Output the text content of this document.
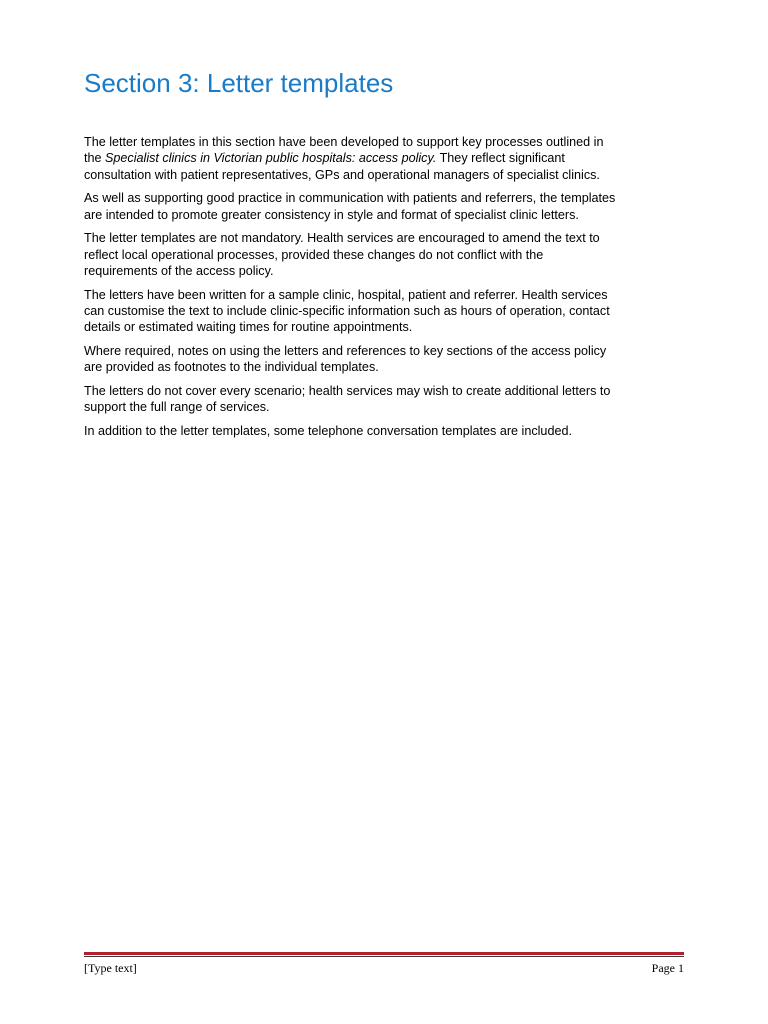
Section 3: Letter templates

The letter templates in this section have been developed to support key processes outlined in
the Specialist clinics in Victorian public hospitals: access policy. They reflect significant
consultation with patient representatives, GPs and operational managers of specialist clinics.

As well as supporting good practice in communication with patients and referrers, the templates
are intended to promote greater consistency in style and format of specialist clinic letters.

The letter templates are not mandatory. Health services are encouraged to amend the text to
reflect local operational processes, provided these changes do not conflict with the
requirements of the access policy.

The letters have been written for a sample clinic, hospital, patient and referrer. Health services
can customise the text to include clinic-specific information such as hours of operation, contact
details or estimated waiting times for routine appointments.

Where required, notes on using the letters and references to key sections of the access policy
are provided as footnotes to the individual templates.

The letters do not cover every scenario; health services may wish to create additional letters to
support the full range of services.

In addition to the letter templates, some telephone conversation templates are included.

[Type text]	Page 1
